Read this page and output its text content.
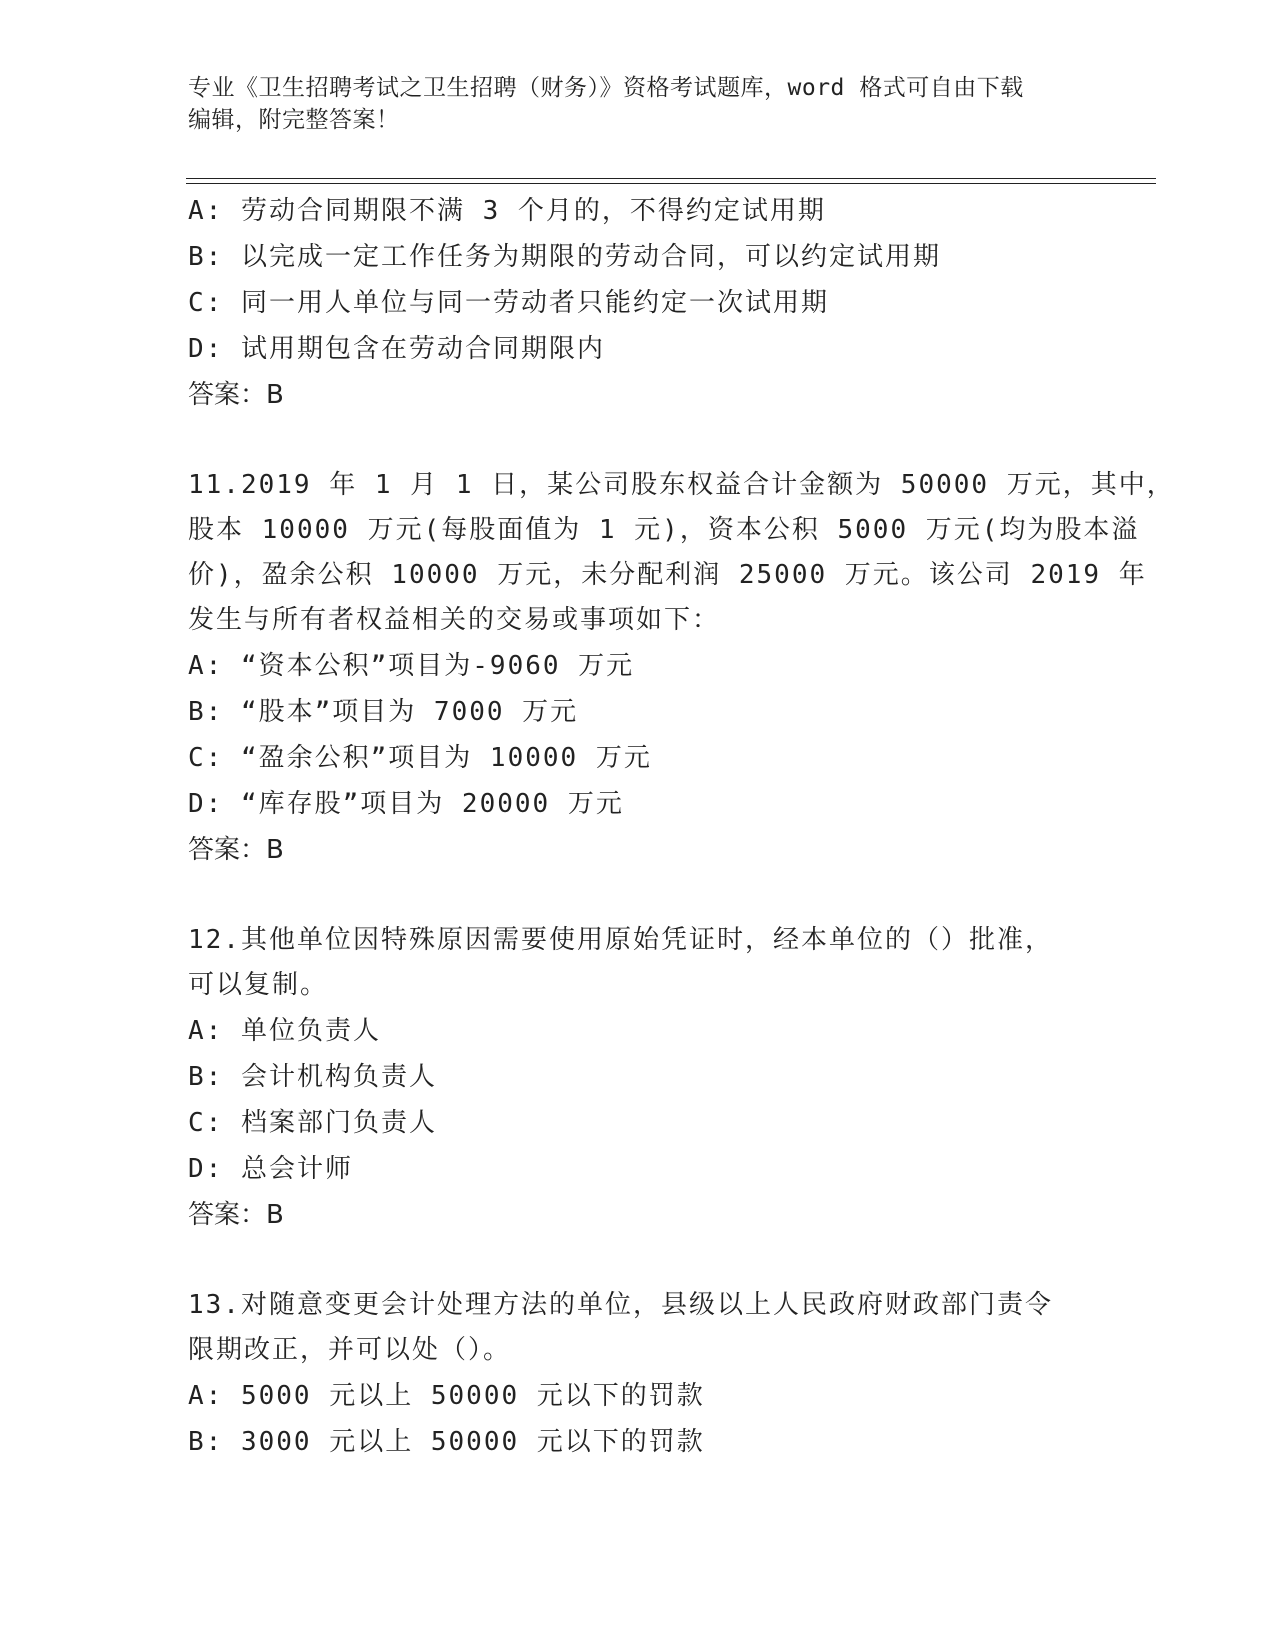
专业《卫生招聘考试之卫生招聘（财务）》资格考试题库，word 格式可自由下载
编辑，附完整答案！
A: 劳动合同期限不满 3 个月的，不得约定试用期
B: 以完成一定工作任务为期限的劳动合同，可以约定试用期
C: 同一用人单位与同一劳动者只能约定一次试用期
D: 试用期包含在劳动合同期限内
答案：B
11.2019 年 1 月 1 日，某公司股东权益合计金额为 50000 万元，其中，
股本 10000 万元(每股面值为 1 元)，资本公积 5000 万元(均为股本溢
价)，盈余公积 10000 万元，未分配利润 25000 万元。该公司 2019 年
发生与所有者权益相关的交易或事项如下：
A: “资本公积”项目为-9060 万元
B: “股本”项目为 7000 万元
C: “盈余公积”项目为 10000 万元
D: “库存股”项目为 20000 万元
答案：B
12.其他单位因特殊原因需要使用原始凭证时，经本单位的（）批准，
可以复制。
A: 单位负责人
B: 会计机构负责人
C: 档案部门负责人
D: 总会计师
答案：B
13.对随意变更会计处理方法的单位，县级以上人民政府财政部门责令
限期改正，并可以处（）。
A: 5000 元以上 50000 元以下的罚款
B: 3000 元以上 50000 元以下的罚款
